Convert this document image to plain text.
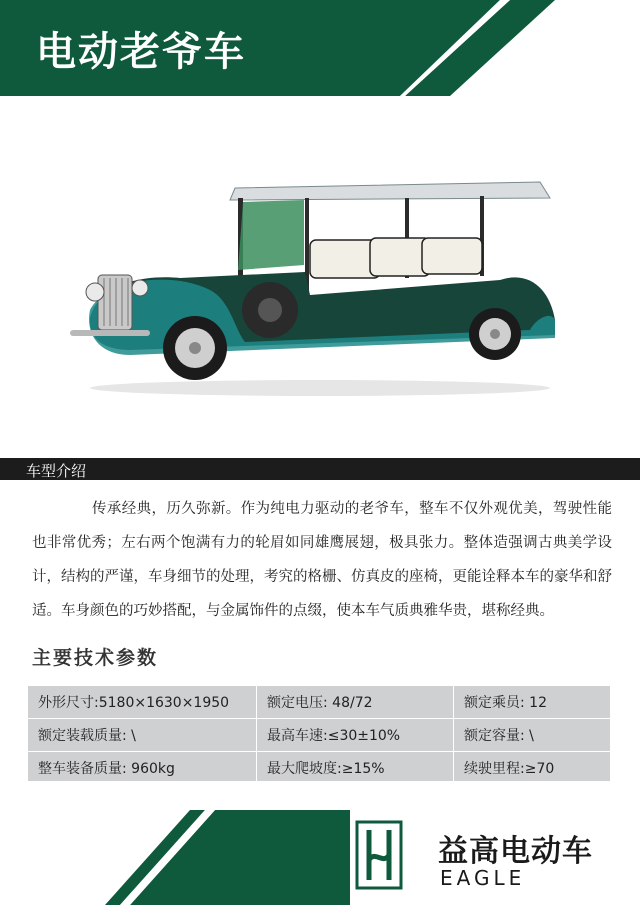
电动老爷车
车型介绍
传承经典，历久弥新。作为纯电力驱动的老爷车，整车不仅外观优美，驾驶性能也非常优秀；左右两个饱满有力的轮眉如同雄鹰展翅，极具张力。整体造强调古典美学设计，结构的严谨，车身细节的处理，考究的格栅、仿真皮的座椅，更能诠释本车的豪华和舒适。车身颜色的巧妙搭配，与金属饰件的点缀，使本车气质典雅华贵，堪称经典。
主要技术参数
外形尺寸:5180×1630×1950	额定电压: 48/72	额定乘员: 12
额定装载质量: \	最高车速:≤30±10%	额定容量: \
整车装备质量: 960kg	最大爬坡度:≥15%	续驶里程:≥70
益高电动车
EAGLE
